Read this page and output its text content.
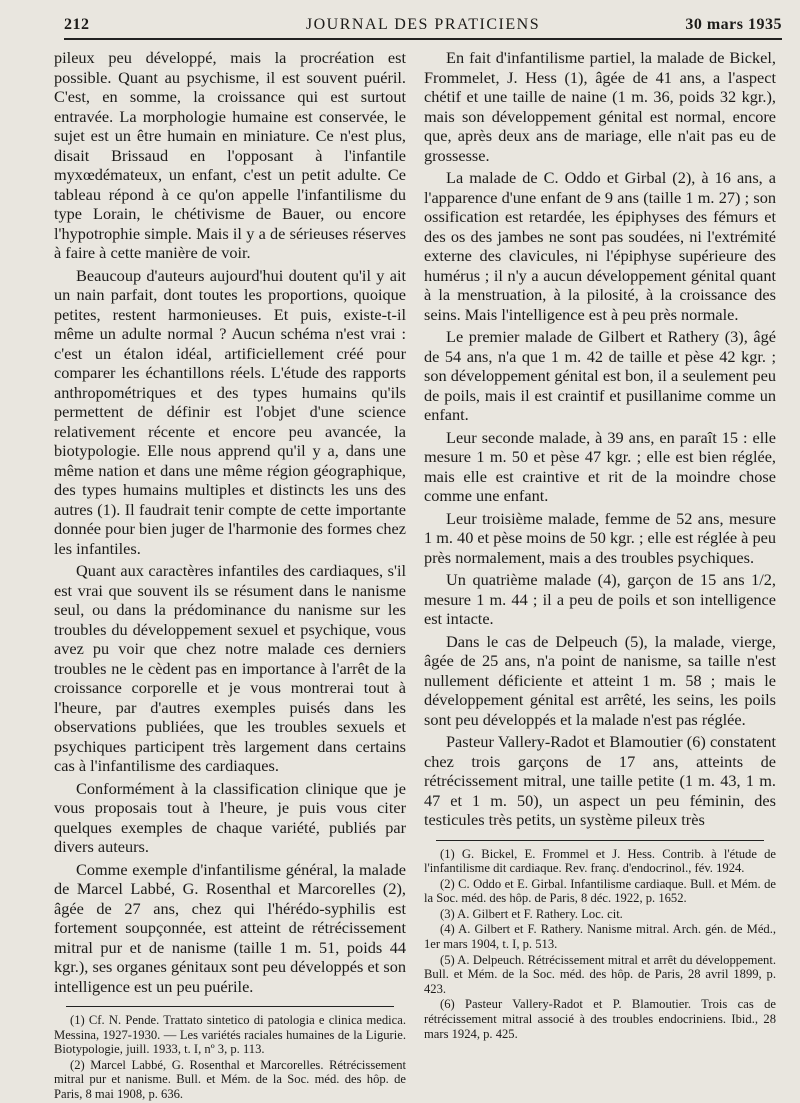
212	JOURNAL DES PRATICIENS	30 mars 1935

pileux peu développé, mais la procréation est possible. Quant au psychisme, il est souvent puéril. C'est, en somme, la croissance qui est surtout entravée. La morphologie humaine est conservée, le sujet est un être humain en miniature. Ce n'est plus, disait Brissaud en l'opposant à l'infantile myxœdémateux, un enfant, c'est un petit adulte. Ce tableau répond à ce qu'on appelle l'infantilisme du type Lorain, le chétivisme de Bauer, ou encore l'hypotrophie simple. Mais il y a de sérieuses réserves à faire à cette manière de voir.

Beaucoup d'auteurs aujourd'hui doutent qu'il y ait un nain parfait, dont toutes les proportions, quoique petites, restent harmonieuses. Et puis, existe-t-il même un adulte normal ? Aucun schéma n'est vrai : c'est un étalon idéal, artificiellement créé pour comparer les échantillons réels. L'étude des rapports anthropométriques et des types humains qu'ils permettent de définir est l'objet d'une science relativement récente et encore peu avancée, la biotypologie. Elle nous apprend qu'il y a, dans une même nation et dans une même région géographique, des types humains multiples et distincts les uns des autres (1). Il faudrait tenir compte de cette importante donnée pour bien juger de l'harmonie des formes chez les infantiles.

Quant aux caractères infantiles des cardiaques, s'il est vrai que souvent ils se résument dans le nanisme seul, ou dans la prédominance du nanisme sur les troubles du développement sexuel et psychique, vous avez pu voir que chez notre malade ces derniers troubles ne le cèdent pas en importance à l'arrêt de la croissance corporelle et je vous montrerai tout à l'heure, par d'autres exemples puisés dans les observations publiées, que les troubles sexuels et psychiques participent très largement dans certains cas à l'infantilisme des cardiaques.

Conformément à la classification clinique que je vous proposais tout à l'heure, je puis vous citer quelques exemples de chaque variété, publiés par divers auteurs.

Comme exemple d'infantilisme général, la malade de Marcel Labbé, G. Rosenthal et Marcorelles (2), âgée de 27 ans, chez qui l'hérédo-syphilis est fortement soupçonnée, est atteint de rétrécissement mitral pur et de nanisme (taille 1 m. 51, poids 44 kgr.), ses organes génitaux sont peu développés et son intelligence est un peu puérile.

(1) Cf. N. Pende. Trattato sintetico di patologia e clinica medica. Messina, 1927-1930. — Les variétés raciales humaines de la Ligurie. Biotypologie, juill. 1933, t. I, nº 3, p. 113.
(2) Marcel Labbé, G. Rosenthal et Marcorelles. Rétrécissement mitral pur et nanisme. Bull. et Mém. de la Soc. méd. des hôp. de Paris, 8 mai 1908, p. 636.

En fait d'infantilisme partiel, la malade de Bickel, Frommelet, J. Hess (1), âgée de 41 ans, a l'aspect chétif et une taille de naine (1 m. 36, poids 32 kgr.), mais son développement génital est normal, encore que, après deux ans de mariage, elle n'ait pas eu de grossesse.

La malade de C. Oddo et Girbal (2), à 16 ans, a l'apparence d'une enfant de 9 ans (taille 1 m. 27) ; son ossification est retardée, les épiphyses des fémurs et des os des jambes ne sont pas soudées, ni l'extrémité externe des clavicules, ni l'épiphyse supérieure des humérus ; il n'y a aucun développement génital quant à la menstruation, à la pilosité, à la croissance des seins. Mais l'intelligence est à peu près normale.

Le premier malade de Gilbert et Rathery (3), âgé de 54 ans, n'a que 1 m. 42 de taille et pèse 42 kgr. ; son développement génital est bon, il a seulement peu de poils, mais il est craintif et pusillanime comme un enfant.

Leur seconde malade, à 39 ans, en paraît 15 : elle mesure 1 m. 50 et pèse 47 kgr. ; elle est bien réglée, mais elle est craintive et rit de la moindre chose comme une enfant.

Leur troisième malade, femme de 52 ans, mesure 1 m. 40 et pèse moins de 50 kgr. ; elle est réglée à peu près normalement, mais a des troubles psychiques.

Un quatrième malade (4), garçon de 15 ans 1/2, mesure 1 m. 44 ; il a peu de poils et son intelligence est intacte.

Dans le cas de Delpeuch (5), la malade, vierge, âgée de 25 ans, n'a point de nanisme, sa taille n'est nullement déficiente et atteint 1 m. 58 ; mais le développement génital est arrêté, les seins, les poils sont peu développés et la malade n'est pas réglée.

Pasteur Vallery-Radot et Blamoutier (6) constatent chez trois garçons de 17 ans, atteints de rétrécissement mitral, une taille petite (1 m. 43, 1 m. 47 et 1 m. 50), un aspect un peu féminin, des testicules très petits, un système pileux très

(1) G. Bickel, E. Frommel et J. Hess. Contrib. à l'étude de l'infantilisme dit cardiaque. Rev. franç. d'endocrinol., fév. 1924.
(2) C. Oddo et E. Girbal. Infantilisme cardiaque. Bull. et Mém. de la Soc. méd. des hôp. de Paris, 8 déc. 1922, p. 1652.
(3) A. Gilbert et F. Rathery. Loc. cit.
(4) A. Gilbert et F. Rathery. Nanisme mitral. Arch. gén. de Méd., 1er mars 1904, t. I, p. 513.
(5) A. Delpeuch. Rétrécissement mitral et arrêt du développement. Bull. et Mém. de la Soc. méd. des hôp. de Paris, 28 avril 1899, p. 423.
(6) Pasteur Vallery-Radot et P. Blamoutier. Trois cas de rétrécissement mitral associé à des troubles endocriniens. Ibid., 28 mars 1924, p. 425.
